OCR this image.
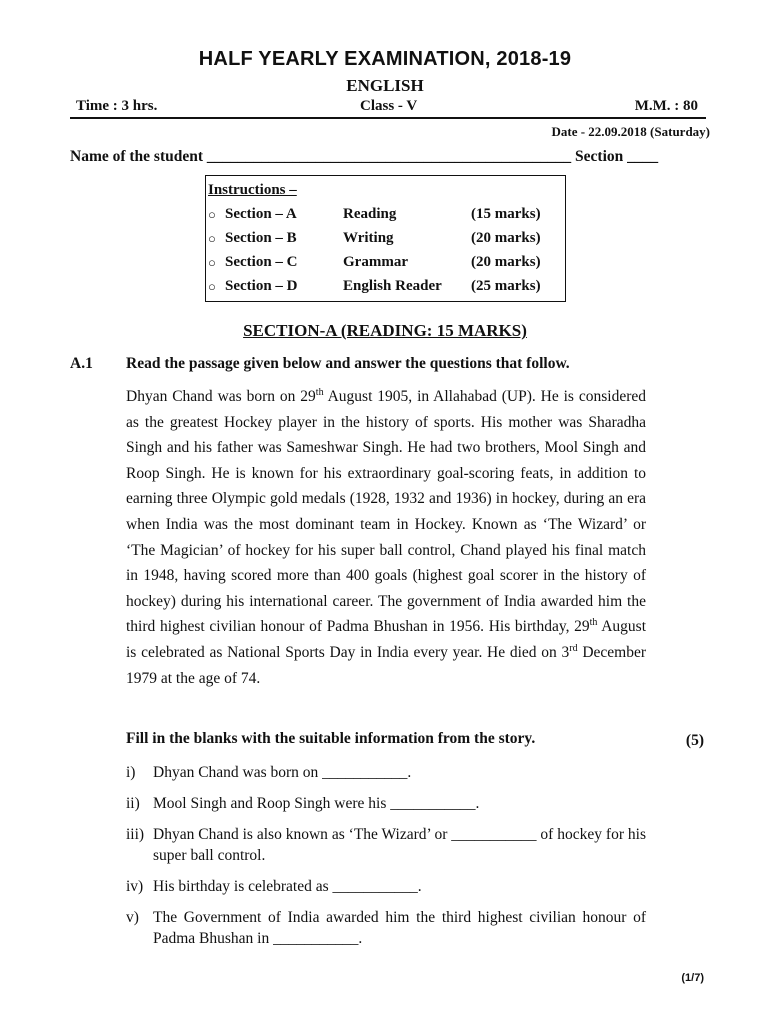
HALF YEARLY EXAMINATION, 2018-19
ENGLISH
Time : 3 hrs.	Class - V	M.M. : 80
Date - 22.09.2018 (Saturday)
Name of the student _______________________________________________ Section ____
Instructions –
○ Section – A	Reading	(15 marks)
○ Section – B	Writing	(20 marks)
○ Section – C	Grammar	(20 marks)
○ Section – D	English Reader (25 marks)
SECTION-A (READING: 15 MARKS)
A.1 Read the passage given below and answer the questions that follow.
Dhyan Chand was born on 29th August 1905, in Allahabad (UP). He is considered as the greatest Hockey player in the history of sports. His mother was Sharadha Singh and his father was Sameshwar Singh. He had two brothers, Mool Singh and Roop Singh. He is known for his extraordinary goal-scoring feats, in addition to earning three Olympic gold medals (1928, 1932 and 1936) in hockey, during an era when India was the most dominant team in Hockey. Known as ‘The Wizard’ or ‘The Magician’ of hockey for his super ball control, Chand played his final match in 1948, having scored more than 400 goals (highest goal scorer in the history of hockey) during his international career. The government of India awarded him the third highest civilian honour of Padma Bhushan in 1956. His birthday, 29th August is celebrated as National Sports Day in India every year. He died on 3rd December 1979 at the age of 74.
Fill in the blanks with the suitable information from the story.	(5)
i) Dhyan Chand was born on ___________.
ii) Mool Singh and Roop Singh were his ___________.
iii) Dhyan Chand is also known as ‘The Wizard’ or ___________ of hockey for his super ball control.
iv) His birthday is celebrated as ___________.
v) The Government of India awarded him the third highest civilian honour of Padma Bhushan in ___________.
(1/7)
